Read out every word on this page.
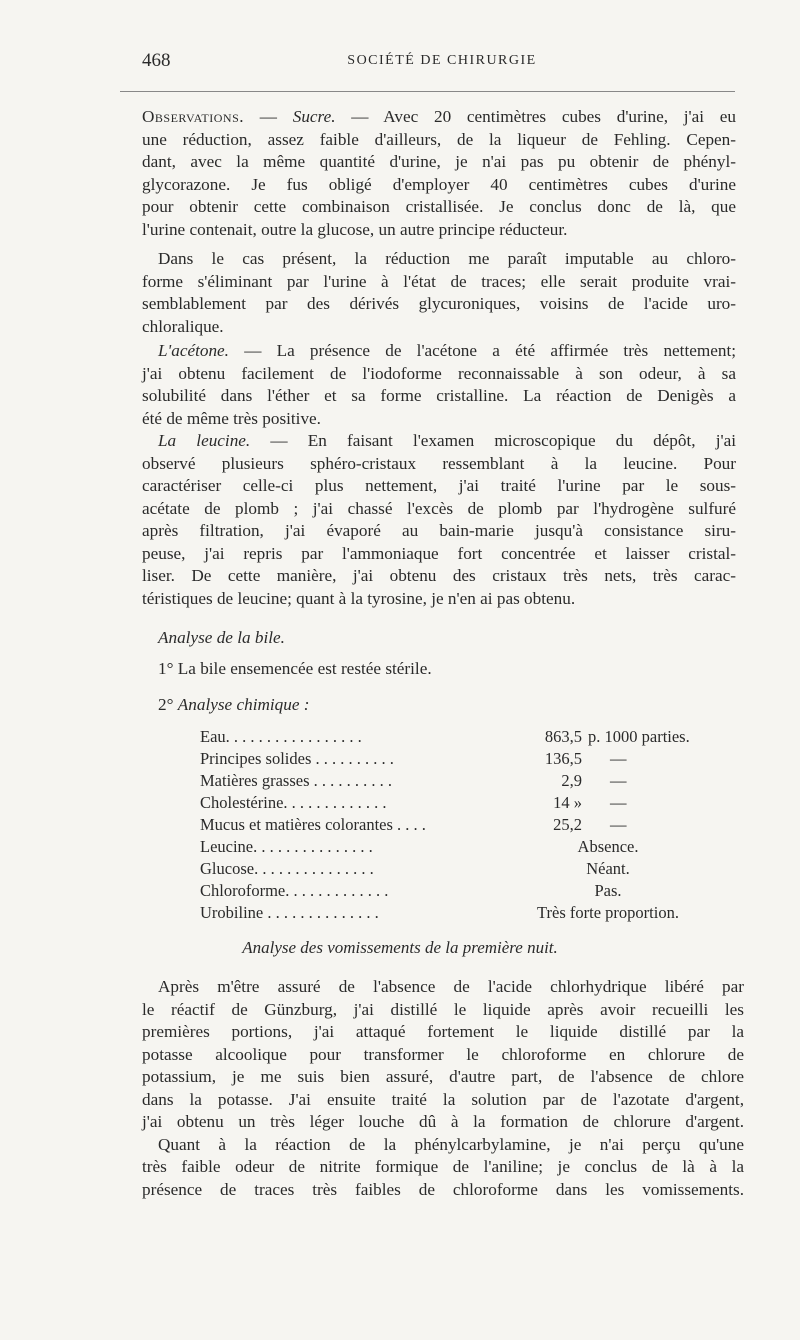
468	SOCIÉTÉ DE CHIRURGIE

Observations. — Sucre. — Avec 20 centimètres cubes d'urine, j'ai eu

une réduction, assez faible d'ailleurs, de la liqueur de Fehling. Cepen-

dant, avec la même quantité d'urine, je n'ai pas pu obtenir de phényl-

glycorazone. Je fus obligé d'employer 40 centimètres cubes d'urine

pour obtenir cette combinaison cristallisée. Je conclus donc de là, que

l'urine contenait, outre la glucose, un autre principe réducteur.

Dans le cas présent, la réduction me paraît imputable au chloro-

forme s'éliminant par l'urine à l'état de traces; elle serait produite vrai-

semblablement par des dérivés glycuroniques, voisins de l'acide uro-

chloralique.

L'acétone. — La présence de l'acétone a été affirmée très nettement;

j'ai obtenu facilement de l'iodoforme reconnaissable à son odeur, à sa

solubilité dans l'éther et sa forme cristalline. La réaction de Denigès a

été de même très positive.

La leucine. — En faisant l'examen microscopique du dépôt, j'ai

observé plusieurs sphéro-cristaux ressemblant à la leucine. Pour

caractériser celle-ci plus nettement, j'ai traité l'urine par le sous-

acétate de plomb ; j'ai chassé l'excès de plomb par l'hydrogène sulfuré

après filtration, j'ai évaporé au bain-marie jusqu'à consistance siru-

peuse, j'ai repris par l'ammoniaque fort concentrée et laisser cristal-

liser. De cette manière, j'ai obtenu des cristaux très nets, très carac-

téristiques de leucine; quant à la tyrosine, je n'en ai pas obtenu.

Analyse de la bile.
1° La bile ensemencée est restée stérile.
2° Analyse chimique :
Eau. . . . . . . . . . . . . . . . .	863,5	p. 1000 parties.
Principes solides . . . . . . . . . .	136,5	—
Matières grasses . . . . . . . . . .	2,9	—
Cholestérine. . . . . . . . . . . . .	14 »	—
Mucus et matières colorantes . . . .	25,2	—
Leucine. . . . . . . . . . . . . . .	Absence.	
Glucose. . . . . . . . . . . . . . .	Néant.	
Chloroforme. . . . . . . . . . . . .	Pas.	
Urobiline . . . . . . . . . . . . . .	Très forte proportion.	
Analyse des vomissements de la première nuit.

Après m'être assuré de l'absence de l'acide chlorhydrique libéré par

le réactif de Günzburg, j'ai distillé le liquide après avoir recueilli les

premières portions, j'ai attaqué fortement le liquide distillé par la

potasse alcoolique pour transformer le chloroforme en chlorure de

potassium, je me suis bien assuré, d'autre part, de l'absence de chlore

dans la potasse. J'ai ensuite traité la solution par de l'azotate d'argent,

j'ai obtenu un très léger louche dû à la formation de chlorure d'argent.

Quant à la réaction de la phénylcarbylamine, je n'ai perçu qu'une

très faible odeur de nitrite formique de l'aniline; je conclus de là à la

présence de traces très faibles de chloroforme dans les vomissements.
